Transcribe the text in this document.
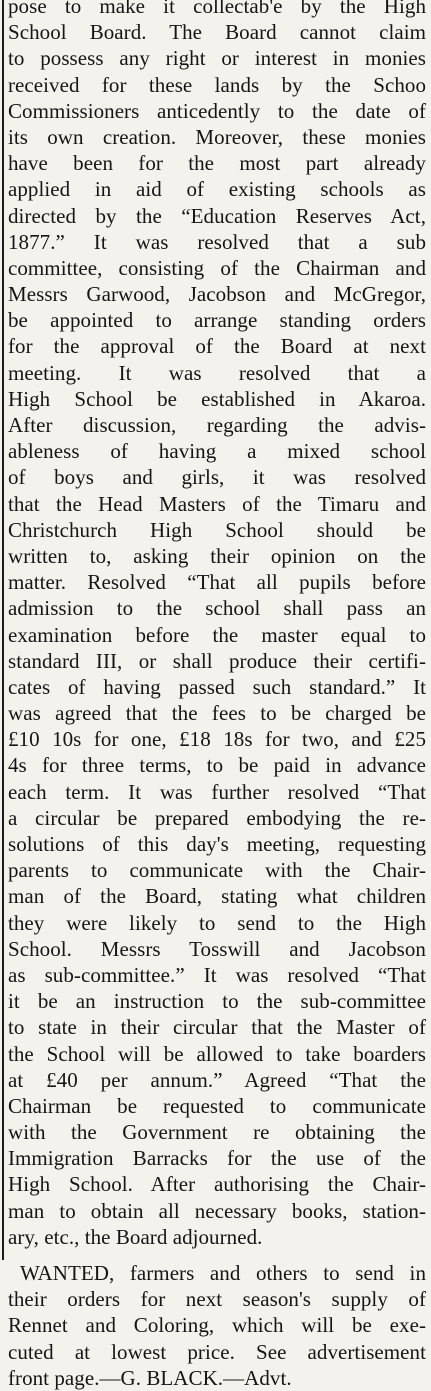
pose to make it collectab'e by the High
School Board. The Board cannot claim
to possess any right or interest in monies
received for these lands by the Schoo
Commissioners anticedently to the date of
its own creation. Moreover, these monies
have been for the most part already
applied in aid of existing schools as
directed by the “Education Reserves Act,
1877.” It was resolved that a sub
committee, consisting of the Chairman and
Messrs Garwood, Jacobson and McGregor,
be appointed to arrange standing orders
for the approval of the Board at next
meeting. It was resolved that a
High School be established in Akaroa.
After discussion, regarding the advis-
ableness of having a mixed school
of boys and girls, it was resolved
that the Head Masters of the Timaru and
Christchurch High School should be
written to, asking their opinion on the
matter. Resolved “That all pupils before
admission to the school shall pass an
examination before the master equal to
standard III, or shall produce their certifi-
cates of having passed such standard.” It
was agreed that the fees to be charged be
£10 10s for one, £18 18s for two, and £25
4s for three terms, to be paid in advance
each term. It was further resolved “That
a circular be prepared embodying the re-
solutions of this day's meeting, requesting
parents to communicate with the Chair-
man of the Board, stating what children
they were likely to send to the High
School. Messrs Tosswill and Jacobson
as sub-committee.” It was resolved “That
it be an instruction to the sub-committee
to state in their circular that the Master of
the School will be allowed to take boarders
at £40 per annum.” Agreed “That the
Chairman be requested to communicate
with the Government re obtaining the
Immigration Barracks for the use of the
High School. After authorising the Chair-
man to obtain all necessary books, station-
ary, etc., the Board adjourned.
WANTED, farmers and others to send in
their orders for next season's supply of
Rennet and Coloring, which will be exe-
cuted at lowest price. See advertisement
front page.—G. BLACK.—Advt.
